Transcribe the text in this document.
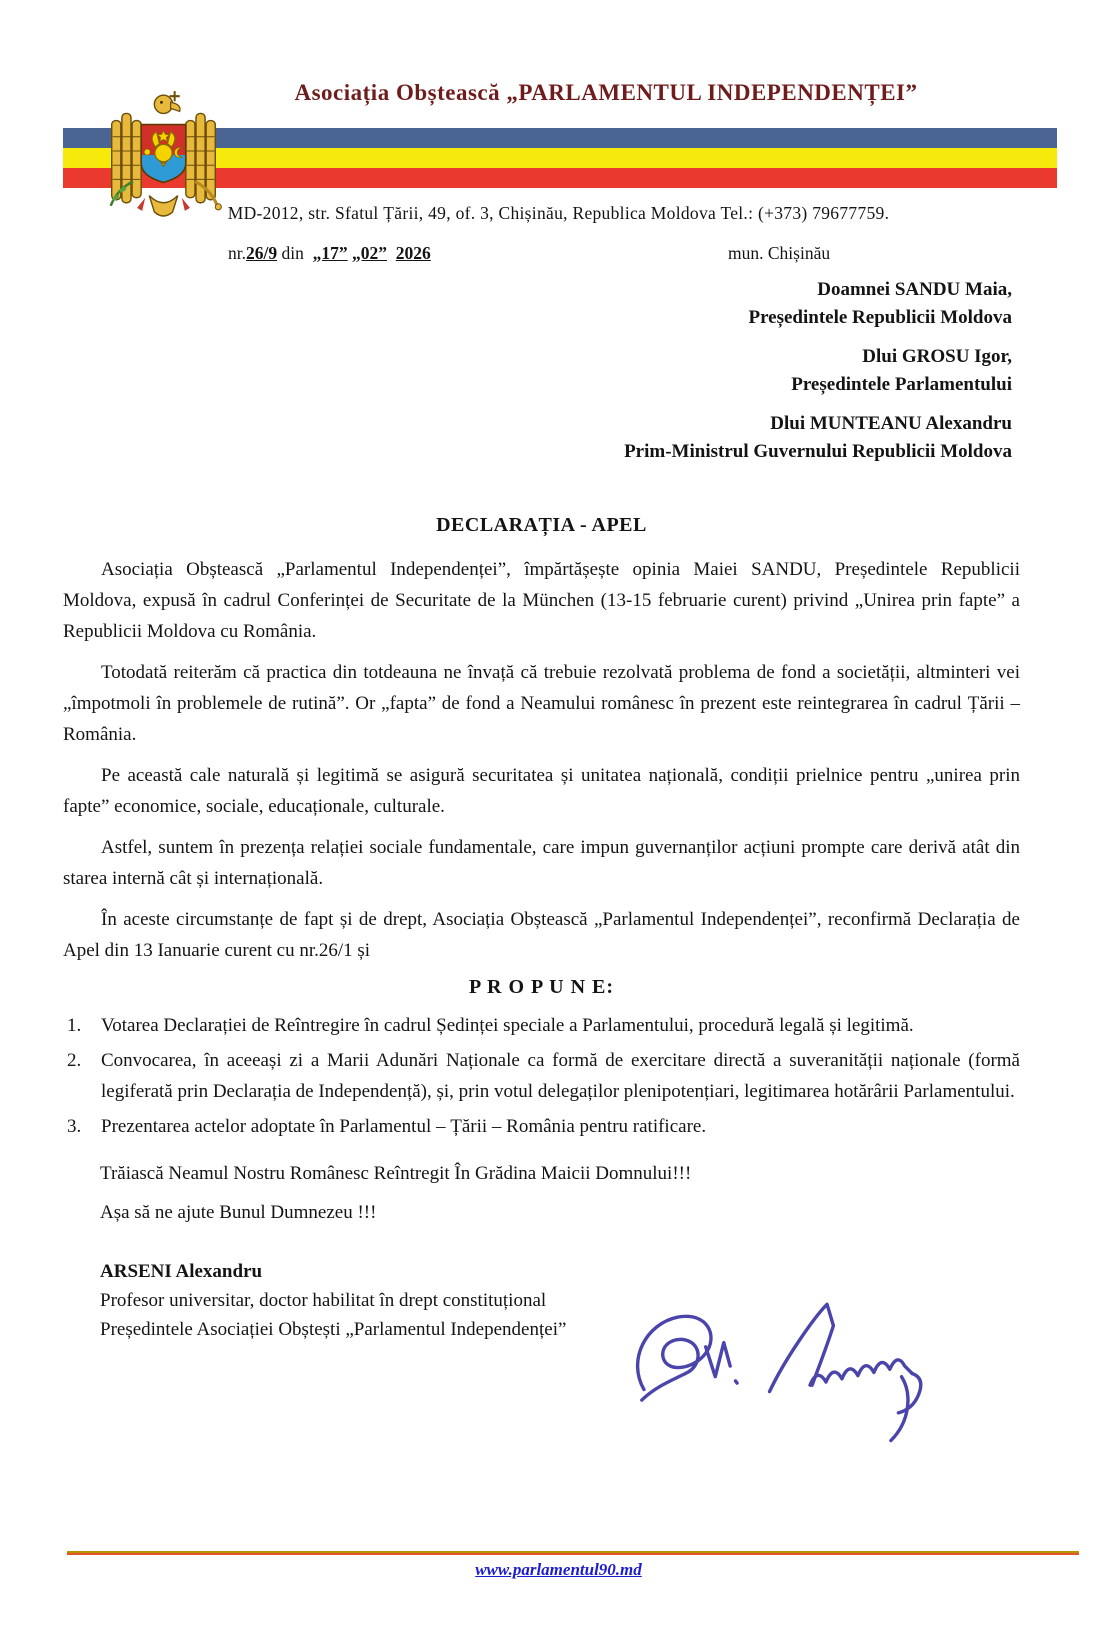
Asociația Obștească „PARLAMENTUL INDEPENDENȚEI”
MD-2012, str. Sfatul Țării, 49, of. 3, Chișinău, Republica Moldova Tel.: (+373) 79677759.
nr.26/9 din „17” „02” 2026	mun. Chișinău
Doamnei SANDU Maia,
Președintele Republicii Moldova
Dlui GROSU Igor,
Președintele Parlamentului
Dlui MUNTEANU Alexandru
Prim-Ministrul Guvernului Republicii Moldova
DECLARAȚIA - APEL

Asociația Obștească „Parlamentul Independenței”, împărtășește opinia Maiei SANDU, Președintele Republicii Moldova, expusă în cadrul Conferinței de Securitate de la München (13-15 februarie curent) privind „Unirea prin fapte” a Republicii Moldova cu România.

Totodată reiterăm că practica din totdeauna ne învață că trebuie rezolvată problema de fond a societății, altminteri vei „împotmoli în problemele de rutină”. Or „fapta” de fond a Neamului românesc în prezent este reintegrarea în cadrul Țării –România.

Pe această cale naturală și legitimă se asigură securitatea și unitatea națională, condiții prielnice pentru „unirea prin fapte” economice, sociale, educaționale, culturale.

Astfel, suntem în prezența relației sociale fundamentale, care impun guvernanților acțiuni prompte care derivă atât din starea internă cât și internațională.

În aceste circumstanțe de fapt și de drept, Asociația Obștească „Parlamentul Independenței”, reconfirmă Declarația de Apel din 13 Ianuarie curent cu nr.26/1 și

P R O P U N E:
1.	Votarea Declarației de Reîntregire în cadrul Ședinței speciale a Parlamentului, procedură legală și legitimă.
2.	Convocarea, în aceeași zi a Marii Adunări Naționale ca formă de exercitare directă a suveranității naționale (formă legiferată prin Declarația de Independență), și, prin votul delegaților plenipotențiari, legitimarea hotărârii Parlamentului.
3.	Prezentarea actelor adoptate în Parlamentul – Țării – România pentru ratificare.
Trăiască Neamul Nostru Românesc Reîntregit În Grădina Maicii Domnului!!!
Așa să ne ajute Bunul Dumnezeu !!!
ARSENI Alexandru
Profesor universitar, doctor habilitat în drept constituțional
Președintele Asociației Obștești „Parlamentul Independenței”
www.parlamentul90.md
